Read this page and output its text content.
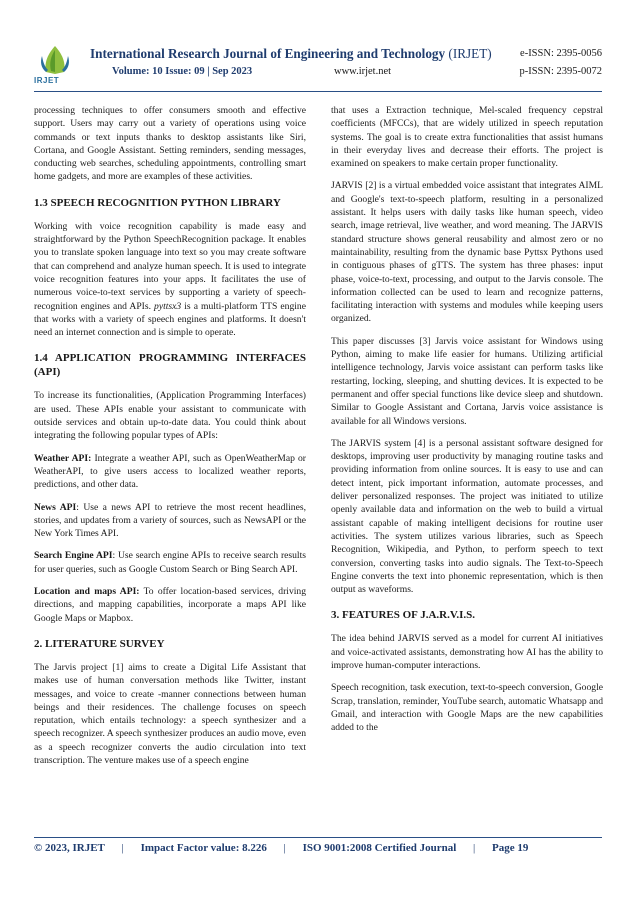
IRJET
International Research Journal of Engineering and Technology (IRJET)	e-ISSN: 2395-0056
Volume: 10 Issue: 09 | Sep 2023	www.irjet.net	p-ISSN: 2395-0072

processing techniques to offer consumers smooth and effective support. Users may carry out a variety of operations using voice commands or text inputs thanks to desktop assistants like Siri, Cortana, and Google Assistant. Setting reminders, sending messages, conducting web searches, scheduling appointments, controlling smart home gadgets, and more are examples of these activities.

1.3 SPEECH RECOGNITION PYTHON LIBRARY

Working with voice recognition capability is made easy and straightforward by the Python SpeechRecognition package. It enables you to translate spoken language into text so you may create software that can comprehend and analyze human speech. It is used to integrate voice recognition features into your apps. It facilitates the use of numerous voice-to-text services by supporting a variety of speech-recognition engines and APIs. pyttsx3 is a multi-platform TTS engine that works with a variety of speech engines and platforms. It doesn't need an internet connection and is simple to operate.

1.4 APPLICATION PROGRAMMING INTERFACES (API)

To increase its functionalities, (Application Programming Interfaces) are used. These APIs enable your assistant to communicate with outside services and obtain up-to-date data. You could think about integrating the following popular types of APIs:

Weather API: Integrate a weather API, such as OpenWeatherMap or WeatherAPI, to give users access to localized weather reports, predictions, and other data.

News API: Use a news API to retrieve the most recent headlines, stories, and updates from a variety of sources, such as NewsAPI or the New York Times API.

Search Engine API: Use search engine APIs to receive search results for user queries, such as Google Custom Search or Bing Search API.

Location and maps API: To offer location-based services, driving directions, and mapping capabilities, incorporate a maps API like Google Maps or Mapbox.

2. LITERATURE SURVEY

The Jarvis project [1] aims to create a Digital Life Assistant that makes use of human conversation methods like Twitter, instant messages, and voice to create -manner connections between human beings and their residences. The challenge focuses on speech reputation, which entails technology: a speech synthesizer and a speech recognizer. A speech synthesizer produces an audio move, even as a speech recognizer converts the audio circulation into text transcription. The venture makes use of a speech engine

that uses a Extraction technique, Mel-scaled frequency cepstral coefficients (MFCCs), that are widely utilized in speech reputation systems. The goal is to create extra functionalities that assist humans in their everyday lives and decrease their efforts. The project is examined on speakers to make certain proper functionality.

JARVIS [2] is a virtual embedded voice assistant that integrates AIML and Google's text-to-speech platform, resulting in a personalized assistant. It helps users with daily tasks like human speech, video search, image retrieval, live weather, and word meaning. The JARVIS standard structure shows general reusability and almost zero or no maintainability, resulting from the dynamic base Pyttsx Pythons used in contiguous phases of gTTS. The system has three phases: input phase, voice-to-text, processing, and output to the Jarvis console. The information collected can be used to learn and recognize patterns, facilitating interaction with systems and modules while keeping users organized.

This paper discusses [3] Jarvis voice assistant for Windows using Python, aiming to make life easier for humans. Utilizing artificial intelligence technology, Jarvis voice assistant can perform tasks like restarting, locking, sleeping, and shutting devices. It is expected to be permanent and offer special functions like device sleep and shutdown. Similar to Google Assistant and Cortana, Jarvis voice assistance is available for all Windows versions.

The JARVIS system [4] is a personal assistant software designed for desktops, improving user productivity by managing routine tasks and providing information from online sources. It is easy to use and can detect intent, pick important information, automate processes, and deliver personalized responses. The project was initiated to utilize openly available data and information on the web to build a virtual assistant capable of making intelligent decisions for routine user activities. The system utilizes various libraries, such as Speech Recognition, Wikipedia, and Python, to perform speech to text conversion, converting tasks into audio signals. The Text-to-Speech Engine converts the text into phonemic representation, which is then output as waveforms.

3. FEATURES OF J.A.R.V.I.S.

The idea behind JARVIS served as a model for current AI initiatives and voice-activated assistants, demonstrating how AI has the ability to improve human-computer interactions.

Speech recognition, task execution, text-to-speech conversion, Google Scrap, translation, reminder, YouTube search, automatic Whatsapp and Gmail, and interaction with Google Maps are the new capabilities added to the

© 2023, IRJET | Impact Factor value: 8.226 | ISO 9001:2008 Certified Journal | Page 19
